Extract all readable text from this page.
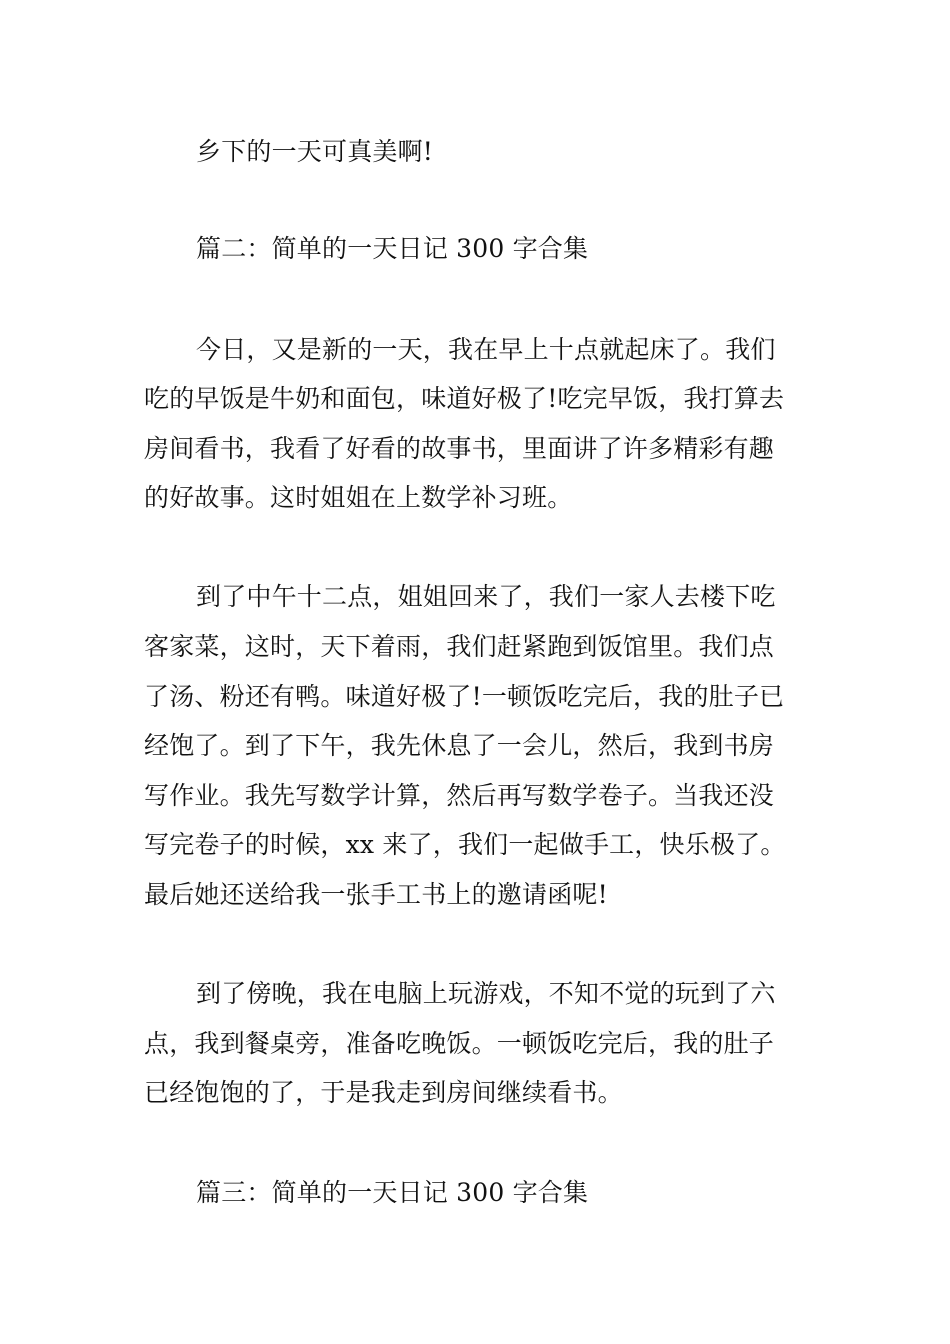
乡下的一天可真美啊!
篇二：简单的一天日记 300 字合集
今日，又是新的一天，我在早上十点就起床了。我们
吃的早饭是牛奶和面包，味道好极了!吃完早饭，我打算去
房间看书，我看了好看的故事书，里面讲了许多精彩有趣
的好故事。这时姐姐在上数学补习班。
到了中午十二点，姐姐回来了，我们一家人去楼下吃
客家菜，这时，天下着雨，我们赶紧跑到饭馆里。我们点
了汤、粉还有鸭。味道好极了!一顿饭吃完后，我的肚子已
经饱了。到了下午，我先休息了一会儿，然后，我到书房
写作业。我先写数学计算，然后再写数学卷子。当我还没
写完卷子的时候，xx 来了，我们一起做手工，快乐极了。
最后她还送给我一张手工书上的邀请函呢!
到了傍晚，我在电脑上玩游戏，不知不觉的玩到了六
点，我到餐桌旁，准备吃晚饭。一顿饭吃完后，我的肚子
已经饱饱的了，于是我走到房间继续看书。
篇三：简单的一天日记 300 字合集
